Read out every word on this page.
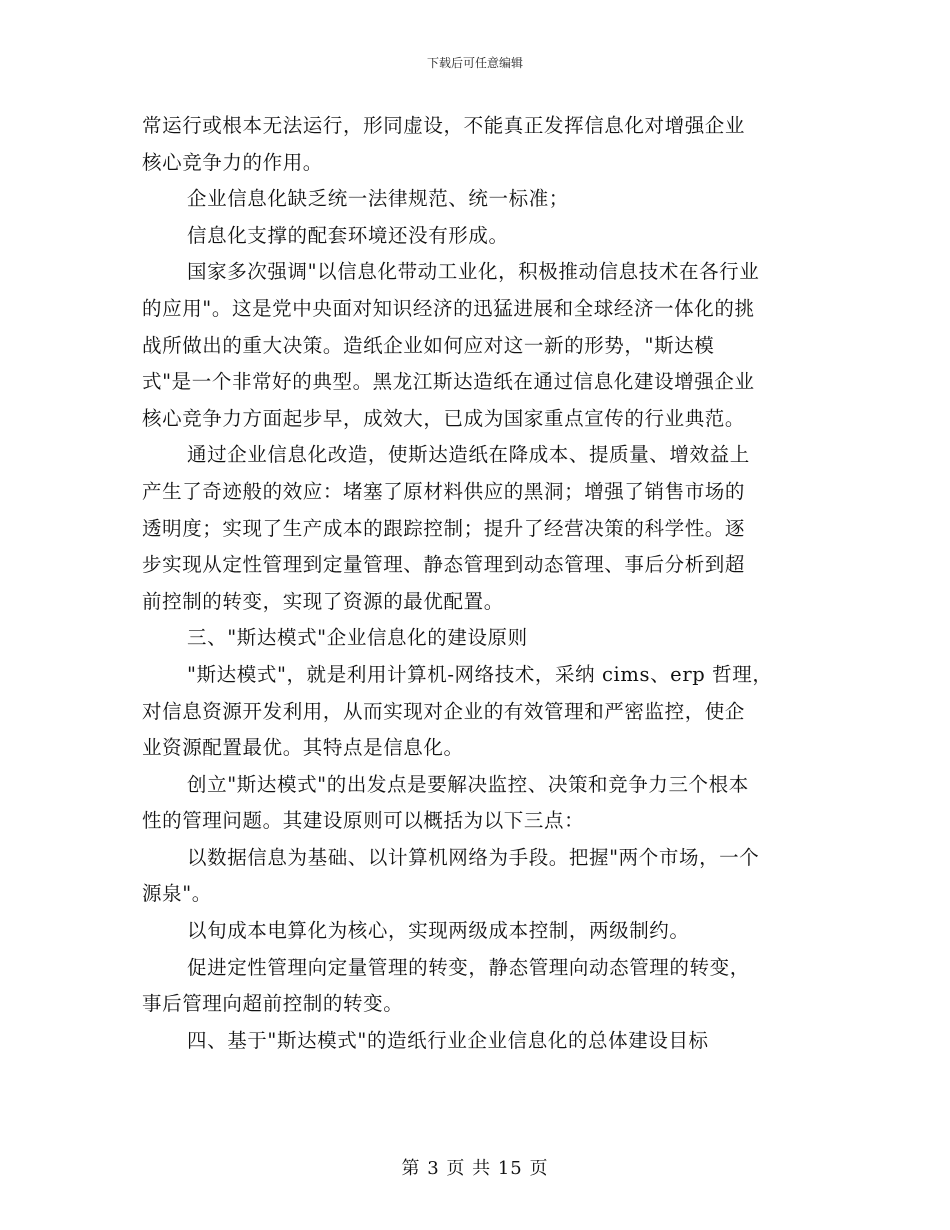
下载后可任意编辑
常运行或根本无法运行，形同虚设，不能真正发挥信息化对增强企业
核心竞争力的作用。
企业信息化缺乏统一法律规范、统一标准；
信息化支撑的配套环境还没有形成。
国家多次强调"以信息化带动工业化，积极推动信息技术在各行业
的应用"。这是党中央面对知识经济的迅猛进展和全球经济一体化的挑
战所做出的重大决策。造纸企业如何应对这一新的形势，"斯达模
式"是一个非常好的典型。黑龙江斯达造纸在通过信息化建设增强企业
核心竞争力方面起步早，成效大，已成为国家重点宣传的行业典范。
通过企业信息化改造，使斯达造纸在降成本、提质量、增效益上
产生了奇迹般的效应：堵塞了原材料供应的黑洞；增强了销售市场的
透明度；实现了生产成本的跟踪控制；提升了经营决策的科学性。逐
步实现从定性管理到定量管理、静态管理到动态管理、事后分析到超
前控制的转变，实现了资源的最优配置。
三、"斯达模式"企业信息化的建设原则
"斯达模式"，就是利用计算机-网络技术，采纳 cims、erp 哲理，
对信息资源开发利用，从而实现对企业的有效管理和严密监控，使企
业资源配置最优。其特点是信息化。
创立"斯达模式"的出发点是要解决监控、决策和竞争力三个根本
性的管理问题。其建设原则可以概括为以下三点：
以数据信息为基础、以计算机网络为手段。把握"两个市场，一个
源泉"。
以旬成本电算化为核心，实现两级成本控制，两级制约。
促进定性管理向定量管理的转变，静态管理向动态管理的转变，
事后管理向超前控制的转变。
四、基于"斯达模式"的造纸行业企业信息化的总体建设目标
第 3 页 共 15 页
